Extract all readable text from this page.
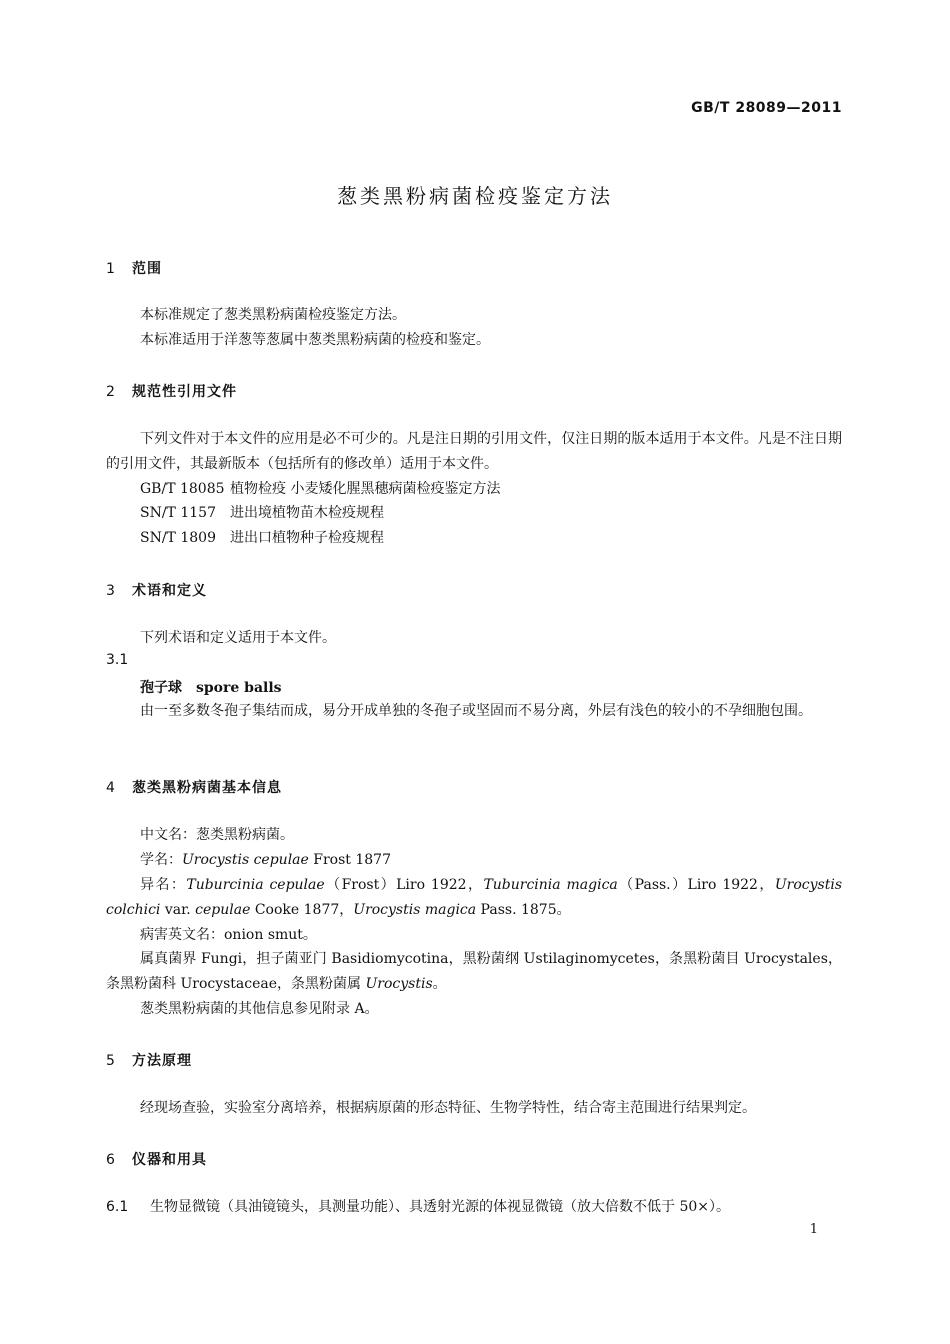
GB/T 28089—2011
葱类黑粉病菌检疫鉴定方法
1 范围
本标准规定了葱类黑粉病菌检疫鉴定方法。
本标准适用于洋葱等葱属中葱类黑粉病菌的检疫和鉴定。
2 规范性引用文件
下列文件对于本文件的应用是必不可少的。凡是注日期的引用文件，仅注日期的版本适用于本文件。凡是不注日期的引用文件，其最新版本（包括所有的修改单）适用于本文件。
GB/T 18085 植物检疫 小麦矮化腥黑穗病菌检疫鉴定方法
SN/T 1157 进出境植物苗木检疫规程
SN/T 1809 进出口植物种子检疫规程
3 术语和定义
下列术语和定义适用于本文件。
3.1
孢子球 spore balls
由一至多数冬孢子集结而成，易分开成单独的冬孢子或坚固而不易分离，外层有浅色的较小的不孕细胞包围。
4 葱类黑粉病菌基本信息
中文名：葱类黑粉病菌。
学名：Urocystis cepulae Frost 1877
异名：Tuburcinia cepulae（Frost）Liro 1922，Tuburcinia magica（Pass.）Liro 1922，Urocystis colchici var. cepulae Cooke 1877，Urocystis magica Pass. 1875。
病害英文名：onion smut。
属真菌界 Fungi，担子菌亚门 Basidiomycotina，黑粉菌纲 Ustilaginomycetes，条黑粉菌目 Urocystales，条黑粉菌科 Urocystaceae，条黑粉菌属 Urocystis。
葱类黑粉病菌的其他信息参见附录 A。
5 方法原理
经现场查验，实验室分离培养，根据病原菌的形态特征、生物学特性，结合寄主范围进行结果判定。
6 仪器和用具
6.1 生物显微镜（具油镜镜头，具测量功能）、具透射光源的体视显微镜（放大倍数不低于 50×）。
1
